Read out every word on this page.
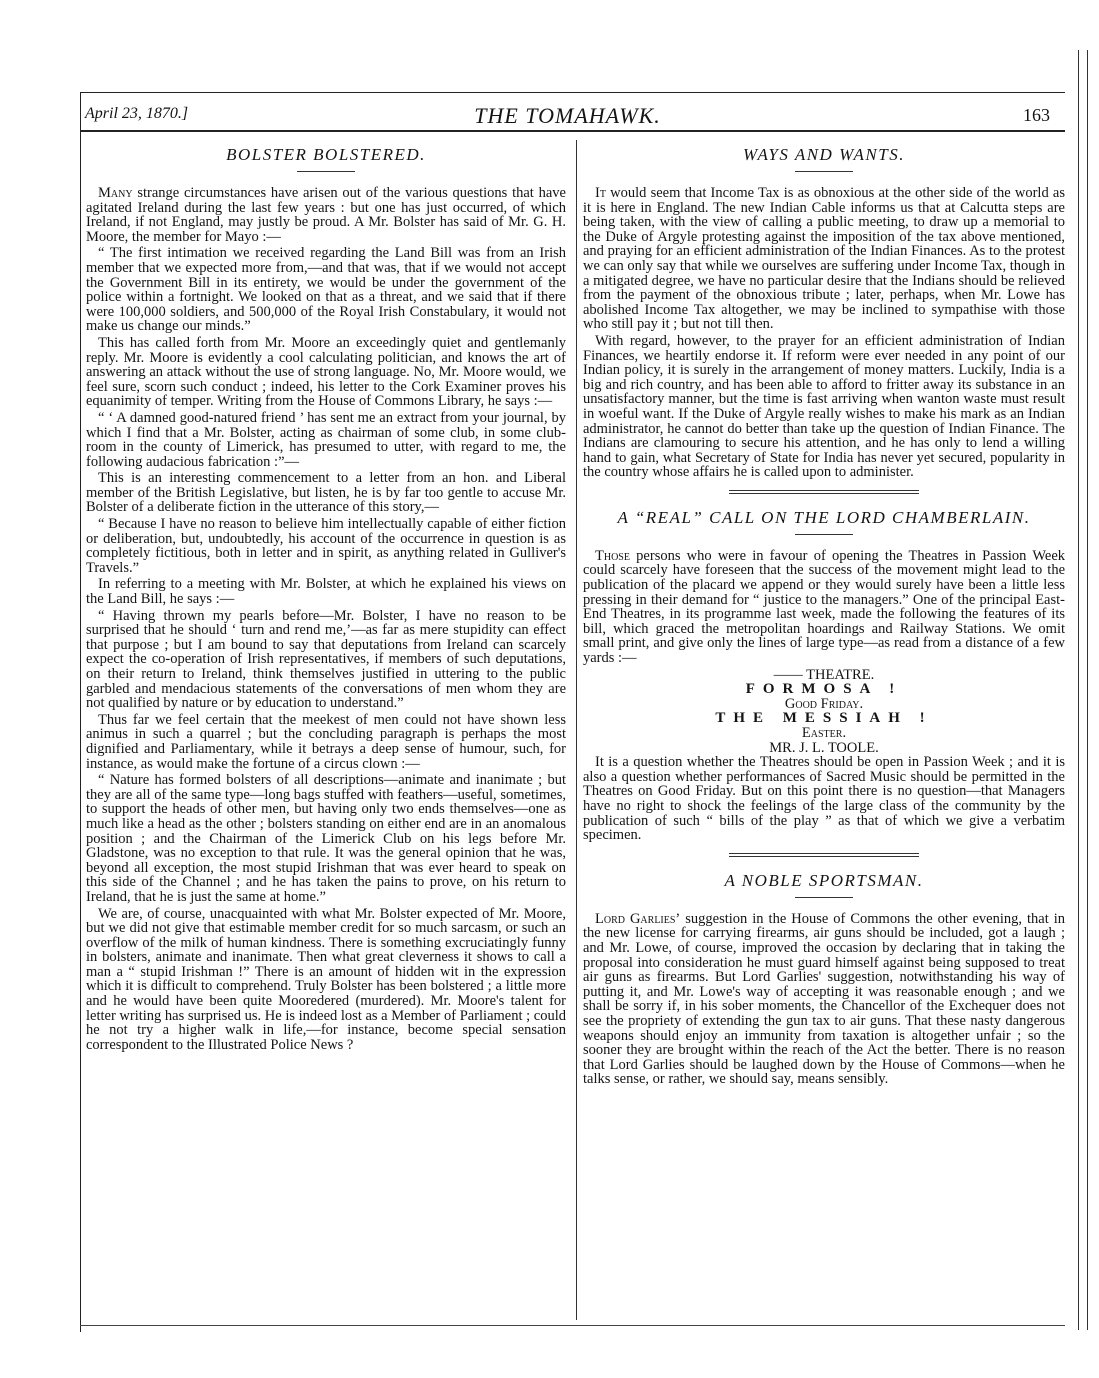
THE TOMAHAWK.
April 23, 1870.]	163
BOLSTER BOLSTERED.

Many strange circumstances have arisen out of the various questions that have agitated Ireland during the last few years : but one has just occurred, of which Ireland, if not England, may justly be proud. A Mr. Bolster has said of Mr. G. H. Moore, the member for Mayo :—

“ The first intimation we received regarding the Land Bill was from an Irish member that we expected more from,—and that was, that if we would not accept the Government Bill in its entirety, we would be under the government of the police within a fortnight. We looked on that as a threat, and we said that if there were 100,000 soldiers, and 500,000 of the Royal Irish Constabulary, it would not make us change our minds.”

This has called forth from Mr. Moore an exceedingly quiet and gentlemanly reply. Mr. Moore is evidently a cool calculating politician, and knows the art of answering an attack without the use of strong language. No, Mr. Moore would, we feel sure, scorn such conduct ; indeed, his letter to the Cork Examiner proves his equanimity of temper. Writing from the House of Commons Library, he says :—

“ ‘ A damned good-natured friend ’ has sent me an extract from your journal, by which I find that a Mr. Bolster, acting as chairman of some club, in some club-room in the county of Limerick, has presumed to utter, with regard to me, the following audacious fabrication :”—

This is an interesting commencement to a letter from an hon. and Liberal member of the British Legislative, but listen, he is by far too gentle to accuse Mr. Bolster of a deliberate fiction in the utterance of this story,—

“ Because I have no reason to believe him intellectually capable of either fiction or deliberation, but, undoubtedly, his account of the occurrence in question is as completely fictitious, both in letter and in spirit, as anything related in Gulliver's Travels.”

In referring to a meeting with Mr. Bolster, at which he explained his views on the Land Bill, he says :—

“ Having thrown my pearls before—Mr. Bolster, I have no reason to be surprised that he should ‘ turn and rend me,’—as far as mere stupidity can effect that purpose ; but I am bound to say that deputations from Ireland can scarcely expect the co-operation of Irish representatives, if members of such deputations, on their return to Ireland, think themselves justified in uttering to the public garbled and mendacious statements of the conversations of men whom they are not qualified by nature or by education to understand.”

Thus far we feel certain that the meekest of men could not have shown less animus in such a quarrel ; but the concluding paragraph is perhaps the most dignified and Parliamentary, while it betrays a deep sense of humour, such, for instance, as would make the fortune of a circus clown :—

“ Nature has formed bolsters of all descriptions—animate and inanimate ; but they are all of the same type—long bags stuffed with feathers—useful, sometimes, to support the heads of other men, but having only two ends themselves—one as much like a head as the other ; bolsters standing on either end are in an anomalous position ; and the Chairman of the Limerick Club on his legs before Mr. Gladstone, was no exception to that rule. It was the general opinion that he was, beyond all exception, the most stupid Irishman that was ever heard to speak on this side of the Channel ; and he has taken the pains to prove, on his return to Ireland, that he is just the same at home.”

We are, of course, unacquainted with what Mr. Bolster expected of Mr. Moore, but we did not give that estimable member credit for so much sarcasm, or such an overflow of the milk of human kindness. There is something excruciatingly funny in bolsters, animate and inanimate. Then what great cleverness it shows to call a man a “ stupid Irishman !” There is an amount of hidden wit in the expression which it is difficult to comprehend. Truly Bolster has been bolstered ; a little more and he would have been quite Mooredered (murdered). Mr. Moore's talent for letter writing has surprised us. He is indeed lost as a Member of Parliament ; could he not try a higher walk in life,—for instance, become special sensation correspondent to the Illustrated Police News ?

WAYS AND WANTS.

It would seem that Income Tax is as obnoxious at the other side of the world as it is here in England. The new Indian Cable informs us that at Calcutta steps are being taken, with the view of calling a public meeting, to draw up a memorial to the Duke of Argyle protesting against the imposition of the tax above mentioned, and praying for an efficient administration of the Indian Finances. As to the protest we can only say that while we ourselves are suffering under Income Tax, though in a mitigated degree, we have no particular desire that the Indians should be relieved from the payment of the obnoxious tribute ; later, perhaps, when Mr. Lowe has abolished Income Tax altogether, we may be inclined to sympathise with those who still pay it ; but not till then.

With regard, however, to the prayer for an efficient administration of Indian Finances, we heartily endorse it. If reform were ever needed in any point of our Indian policy, it is surely in the arrangement of money matters. Luckily, India is a big and rich country, and has been able to afford to fritter away its substance in an unsatisfactory manner, but the time is fast arriving when wanton waste must result in woeful want. If the Duke of Argyle really wishes to make his mark as an Indian administrator, he cannot do better than take up the question of Indian Finance. The Indians are clamouring to secure his attention, and he has only to lend a willing hand to gain, what Secretary of State for India has never yet secured, popularity in the country whose affairs he is called upon to administer.

A “REAL” CALL ON THE LORD CHAMBERLAIN.

Those persons who were in favour of opening the Theatres in Passion Week could scarcely have foreseen that the success of the movement might lead to the publication of the placard we append or they would surely have been a little less pressing in their demand for “ justice to the managers.” One of the principal East-End Theatres, in its programme last week, made the following the features of its bill, which graced the metropolitan hoardings and Railway Stations. We omit small print, and give only the lines of large type—as read from a distance of a few yards :—

—— THEATRE.

FORMOSA !

Good Friday.

THE MESSIAH !

Easter.

MR. J. L. TOOLE.

It is a question whether the Theatres should be open in Passion Week ; and it is also a question whether performances of Sacred Music should be permitted in the Theatres on Good Friday. But on this point there is no question—that Managers have no right to shock the feelings of the large class of the community by the publication of such “ bills of the play ” as that of which we give a verbatim specimen.

A NOBLE SPORTSMAN.

Lord Garlies’ suggestion in the House of Commons the other evening, that in the new license for carrying firearms, air guns should be included, got a laugh ; and Mr. Lowe, of course, improved the occasion by declaring that in taking the proposal into consideration he must guard himself against being supposed to treat air guns as firearms. But Lord Garlies' suggestion, notwithstanding his way of putting it, and Mr. Lowe's way of accepting it was reasonable enough ; and we shall be sorry if, in his sober moments, the Chancellor of the Exchequer does not see the propriety of extending the gun tax to air guns. That these nasty dangerous weapons should enjoy an immunity from taxation is altogether unfair ; so the sooner they are brought within the reach of the Act the better. There is no reason that Lord Garlies should be laughed down by the House of Commons—when he talks sense, or rather, we should say, means sensibly.
